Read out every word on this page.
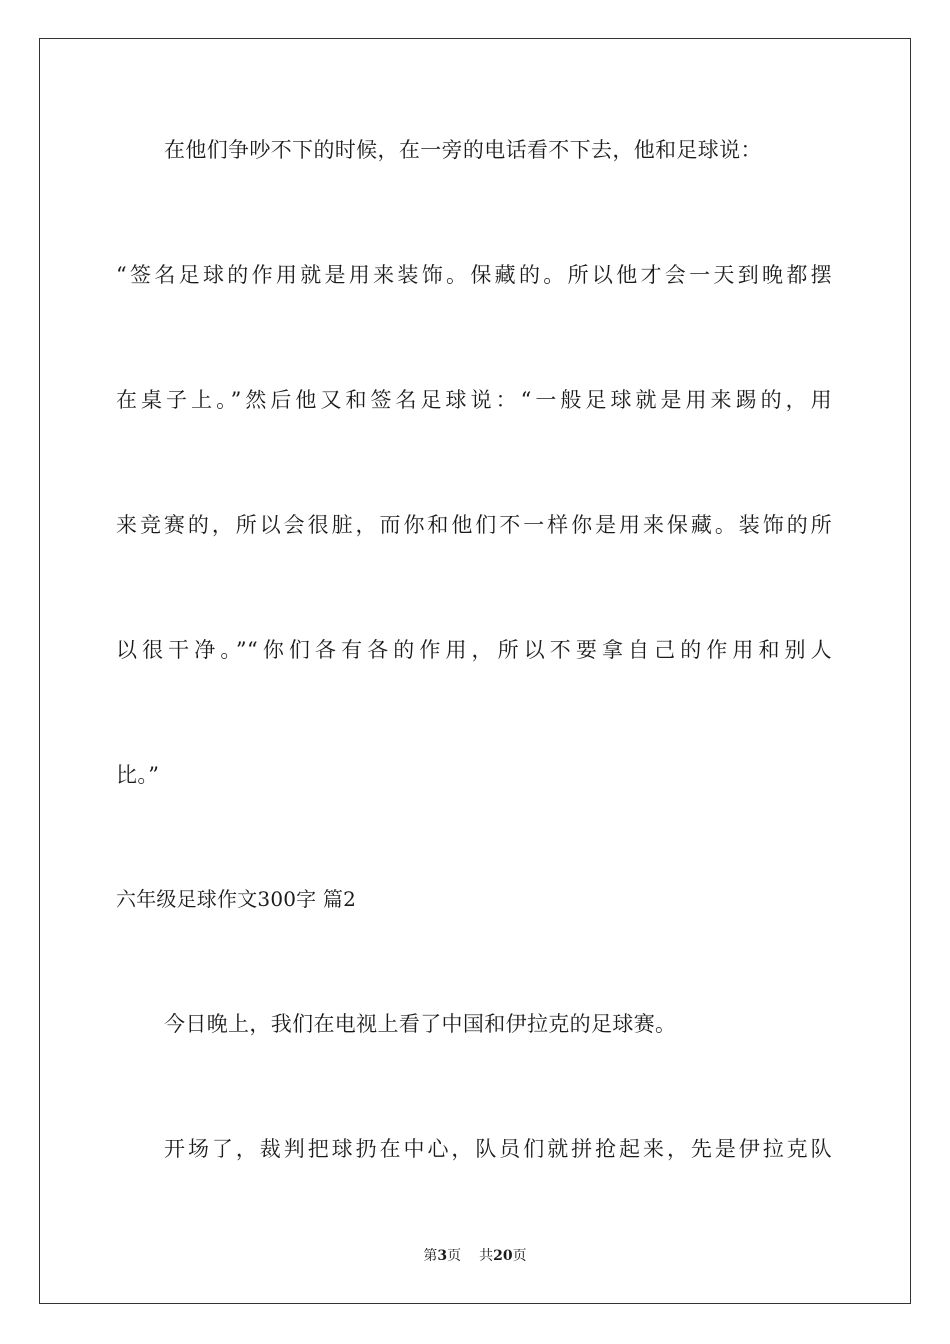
在他们争吵不下的时候，在一旁的电话看不下去，他和足球说：
“签名足球的作用就是用来装饰。保藏的。所以他才会一天到晚都摆
在桌子上。”然后他又和签名足球说：“一般足球就是用来踢的，用
来竞赛的，所以会很脏，而你和他们不一样你是用来保藏。装饰的所
以很干净。”“你们各有各的作用，所以不要拿自己的作用和别人
比。”
六年级足球作文300字 篇2
今日晚上，我们在电视上看了中国和伊拉克的足球赛。
开场了，裁判把球扔在中心，队员们就拼抢起来，先是伊拉克队
第3页 共20页
